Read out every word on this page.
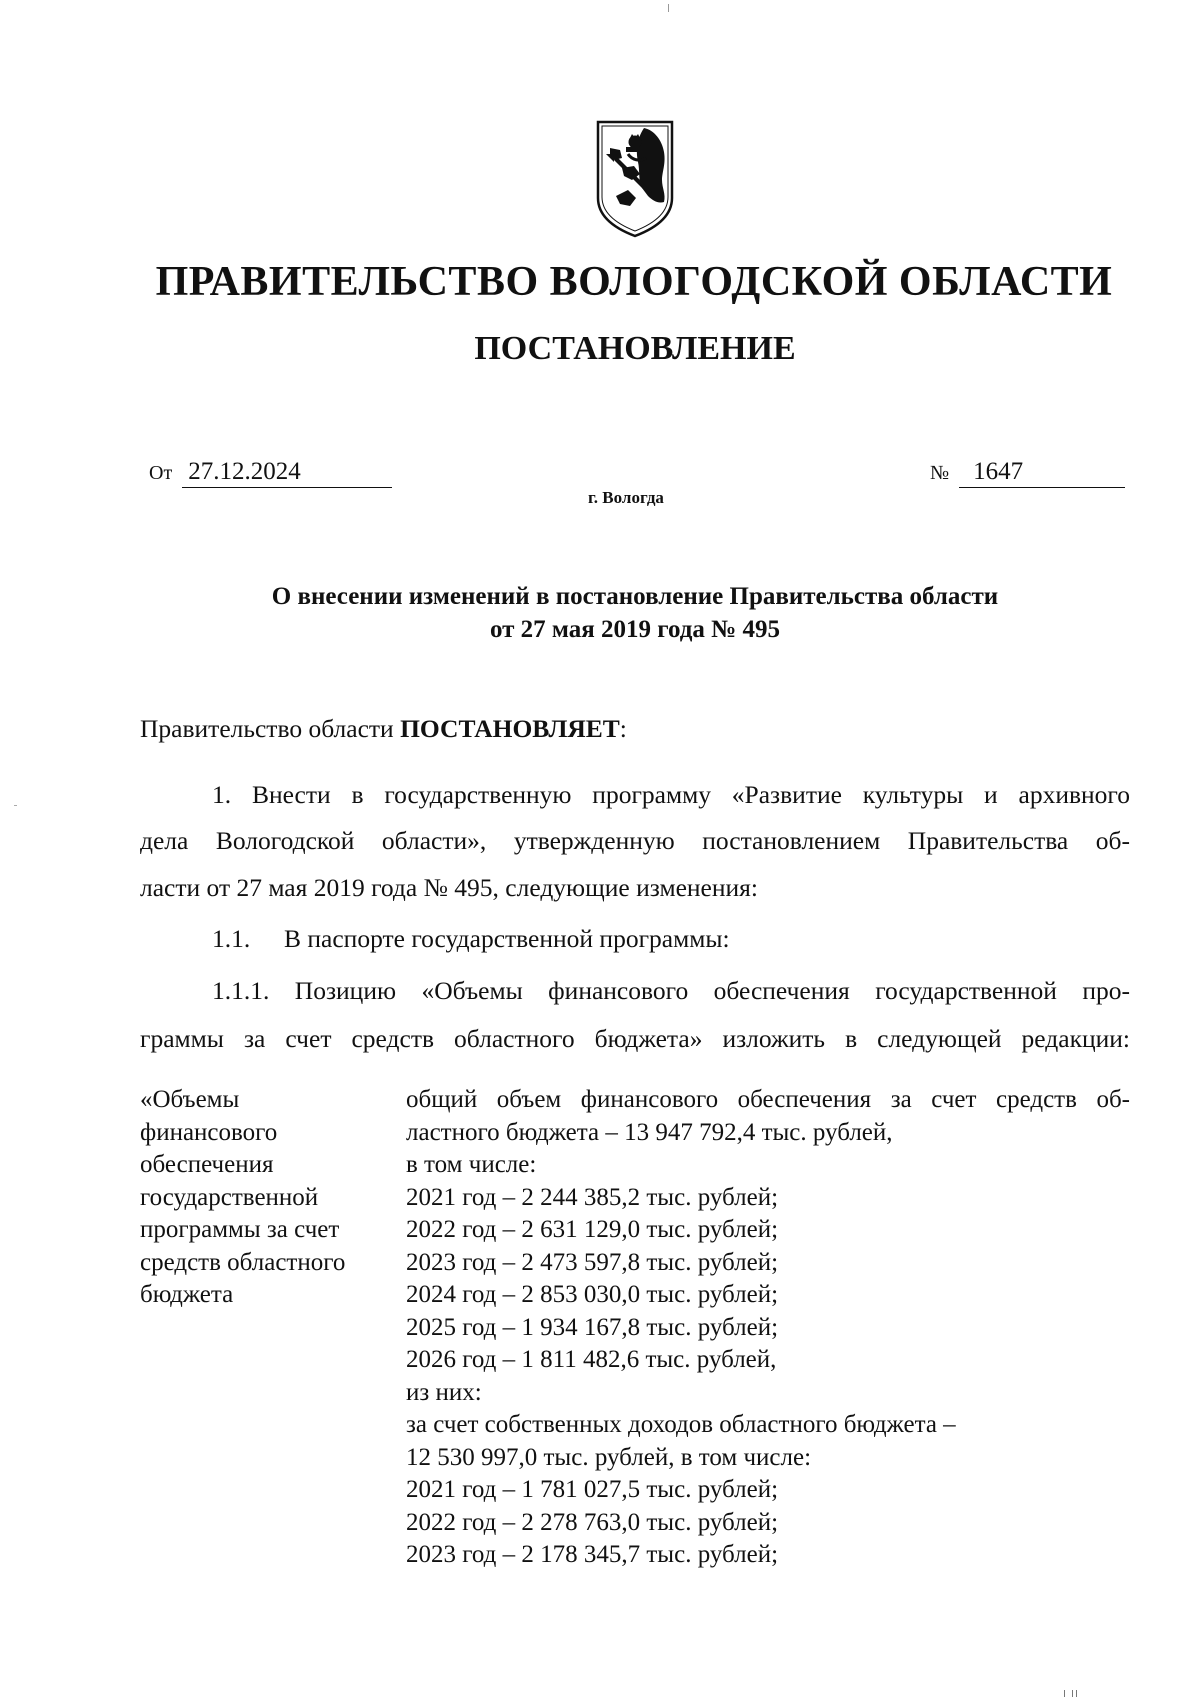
ПРАВИТЕЛЬСТВО ВОЛОГОДСКОЙ ОБЛАСТИ
ПОСТАНОВЛЕНИЕ
От 27.12.2024	№ 1647
г. Вологда
О внесении изменений в постановление Правительства области
от 27 мая 2019 года № 495
Правительство области ПОСТАНОВЛЯЕТ:
1. Внести в государственную программу «Развитие культуры и архивного
дела Вологодской области», утвержденную постановлением Правительства об-
ласти от 27 мая 2019 года № 495, следующие изменения:
1.1. В паспорте государственной программы:
1.1.1. Позицию «Объемы финансового обеспечения государственной про-
граммы за счет средств областного бюджета» изложить в следующей редакции:
«Объемы
финансового
обеспечения
государственной
программы за счет
средств областного
бюджета
общий объем финансового обеспечения за счет средств об-
ластного бюджета – 13 947 792,4 тыс. рублей,
в том числе:
2021 год – 2 244 385,2 тыс. рублей;
2022 год – 2 631 129,0 тыс. рублей;
2023 год – 2 473 597,8 тыс. рублей;
2024 год – 2 853 030,0 тыс. рублей;
2025 год – 1 934 167,8 тыс. рублей;
2026 год – 1 811 482,6 тыс. рублей,
из них:
за счет собственных доходов областного бюджета –
12 530 997,0 тыс. рублей, в том числе:
2021 год – 1 781 027,5 тыс. рублей;
2022 год – 2 278 763,0 тыс. рублей;
2023 год – 2 178 345,7 тыс. рублей;
